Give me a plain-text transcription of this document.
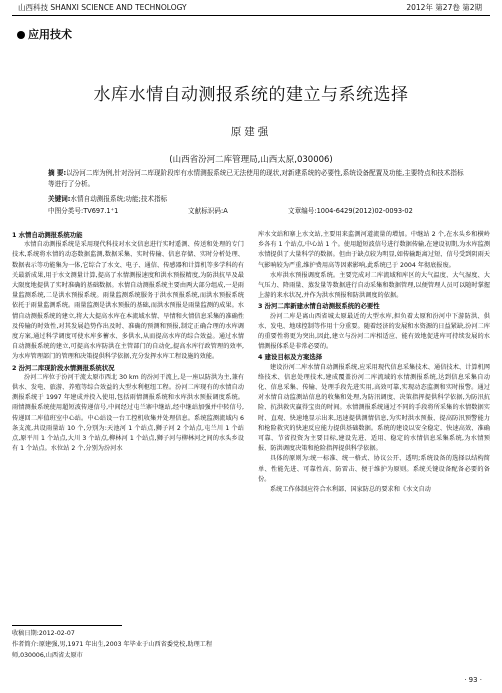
山西科技 SHANXI SCIENCE AND TECHNOLOGY	2012年 第27卷 第2期
应用技术
水库水情自动测报系统的建立与系统选择
原建强
(山西省汾河二库管理局,山西太原,030006)
摘 要:以汾河二库为例,针对汾河二库现阶段库有水情测报系统已无法使用的现状,对新建系统的必要性,系统设备配置及功能,主要特点和技术指标等进行了分析。
关键词:水情自动测报系统;功能;技术指标
中图分类号:TV697.1⁺1	文献标识码:A	文章编号:1004-6429(2012)02-0093-02
1 水情自动测报系统功能

水情自动测报系统是采用现代科技对水文信息进行实时遥测、传送和处理的专门技术,系统将水情的动态数据监测,数据采集、实时传输、信息存储、实时分析处理、数据表示等功能集为一体,它综合了水文、电子、通信、传感器和计算机等多学科的有关最新成果,用于水文测量计算,提高了水情测报速度和洪水预报精度,为防洪抗旱及最大限度地提供了实时准确的基础数据。水情自动测报系统主要由两大部分组成,一是雨量监测系统,二是洪水预报系统。雨量监测系统服务于洪水预报系统,而洪水预报系统依托于雨量监测系统。雨量监测是洪水预报的基础,而洪水预报是雨量监测的成果。水情自动测报系统的建立,将大大提高水库在本流域水情、旱情和火情信息采集的准确性及传输的时效性,对其发展趋势作出及时、准确的预测和预报,制定正确合理的水库调度方案,通过科学调度可使水库多蓄水、多供水,从而提高水库的综合效益。通过水情自动测报系统的建立,可提高水库防洪在主管部门的自动化,提高水库行政管理的效率,为水库管理部门的管理和决策提供科学依据,充分发挥水库工程设施的效能。

2 汾河二库现阶段水情测报系统状况

汾河二库位于汾河干流太原市西北 30 km 的汾河干流上,是一座以防洪为主,兼有供水、发电、旅游、养殖等综合效益的大型水利枢纽工程。汾河二库现有的水情自动测报系统于 1997 年建成并投入使用,包括雨情测报系统和水库洪水预报调度系统。雨情测报系统使用超短波传递信号,中间经过屯兰寨中继站,经中继站加强并中转信号,传递回二库值班室中心站。中心站设一台工控机收集并处理信息。系统监测流域内 6 条支流,共设雨量站 10 个,分别为:天池河 1 个站点,狮子河 2 个站点,屯兰川 1 个站点,原平川 1 个站点,大川 3 个站点,柳林河 1 个站点,狮子河与柳林河之间的水头乡设有 1 个站点。水位站 2 个,分别为汾河水

库水文站和寨上水文站,主要用来监测河道流量的增加。中继站 2 个,在水头乡和横岭乡各有 1 个站点,中心站 1 个。使用超短波信号进行数据传输,在建设初期,为水库监测水情提供了大量科学的数据。但由于缺点较为明显,如传输距离过短、信号受到阴雨天气影响较为严重,维护费用高等因素影响,此系统已于 2004 年彻底报废。

水库洪水预报调度系统。主要完成对二库流域和库区的大气温度、大气湿度、大气压力、降雨量、蒸发量等数据进行自动采集和数据管理,以便管理人员可以随时掌握上游的来水状况,并作为洪水预报和防洪调度的依据。

3 汾河二库新建水情自动测报系统的必要性

汾河二库是离山西省城太原最近的大型水库,担负着太原和汾河中下游防洪、供水、发电、地球控制等作用十分重要。随着经济的发展和水资源的日益紧缺,汾河二库的重要性将更为突出,因此,建立与汾河二库相适应、能有效地促进库可持续发展的水情测报体系是非常必要的。

4 建设目标及方案选择

建设汾河二库水情自动测报系统,应采用现代信息采集技术、通信技术、计算机网络技术、信息处理技术,建成覆盖汾河二库流域的水情测报系统,达到信息采集自动化、信息采集、传输、处理手段先进实用,高效可靠,实现动态监测和实时报警。通过对水情自动监测站信息的收集和处理,为防汛调度、决策指挥提供科学依据,为防汛抗险、抗洪救灾赢得宝贵的时间。水情测报系统通过不同的手段将所采集的水情数据实时、直观、快速地显示出来,迅速提供测情信息,为实时洪水预报、提高防汛预警能力和枪险救灾的快速反应能力提供基础数据。系统的建设以安全稳定、快速高效、准确可靠、节省投资为主要目标,建设先进、适用、稳定的水情信息采集系统,为水情预报、防洪调度决策和抢险指挥提供科学依据。

具体的原则为:统一标准、统一格式、协议公开、透明;系统设备的选择以结构简单、性能先进、可靠性高、防雷击、便于维护为原则。系统关键设备配备必要的备份。

系统工作体制应符合水利部、国家防总的要求和《水文自动

收稿日期:2012-02-07
作者简介:原建强,男,1971 年出生,2003 年毕业于山西省委党校,助理工程师,030006,山西省太原市
· 93 ·
